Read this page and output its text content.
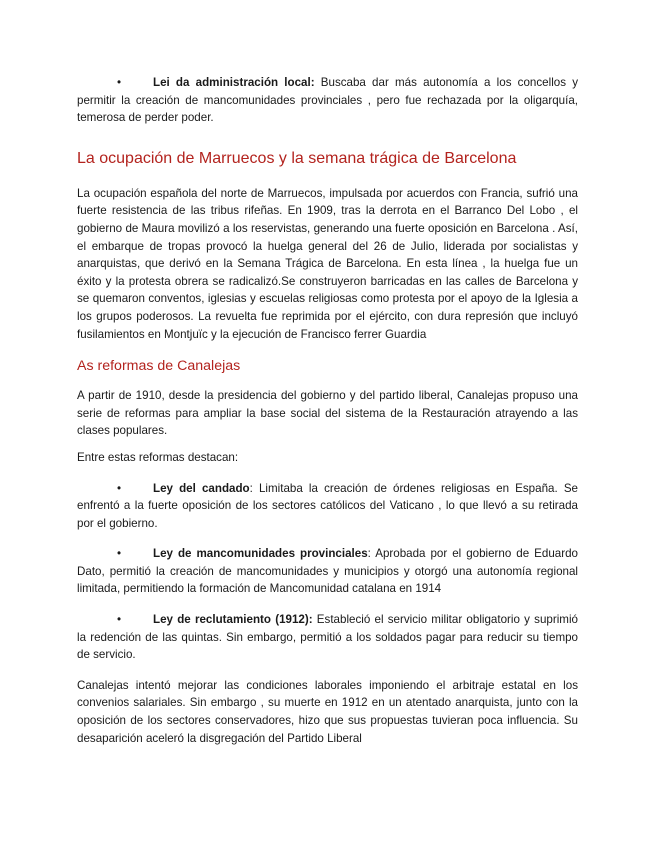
•	Lei da administración local: Buscaba dar más autonomía a los concellos y permitir la creación de mancomunidades provinciales , pero fue rechazada por la oligarquía, temerosa de perder poder.

La ocupación de Marruecos y la semana trágica de Barcelona

La ocupación española del norte de Marruecos, impulsada por acuerdos con Francia, sufrió una fuerte resistencia de las tribus rifeñas. En 1909, tras la derrota en el Barranco Del Lobo , el gobierno de Maura movilizó a los reservistas, generando una fuerte oposición en Barcelona . Así, el embarque de tropas provocó la huelga general del 26 de Julio, liderada por socialistas y anarquistas, que derivó en la Semana Trágica de Barcelona. En esta línea , la huelga fue un éxito y la protesta obrera se radicalizó.Se construyeron barricadas en las calles de Barcelona y se quemaron conventos, iglesias y escuelas religiosas como protesta por el apoyo de la Iglesia a los grupos poderosos. La revuelta fue reprimida por el ejército, con dura represión que incluyó fusilamientos en Montjuïc y la ejecución de Francisco ferrer Guardia

As reformas de Canalejas

A partir de 1910, desde la presidencia del gobierno y del partido liberal, Canalejas propuso una serie de reformas para ampliar la base social del sistema de la Restauración atrayendo a las clases populares.

Entre estas reformas destacan:

•	Ley del candado: Limitaba la creación de órdenes religiosas en España. Se enfrentó a la fuerte oposición de los sectores católicos del Vaticano , lo que llevó a su retirada por el gobierno.

•	Ley de mancomunidades provinciales: Aprobada por el gobierno de Eduardo Dato, permitió la creación de mancomunidades y municipios y otorgó una autonomía regional limitada, permitiendo la formación de Mancomunidad catalana en 1914

•	Ley de reclutamiento (1912): Estableció el servicio militar obligatorio y suprimió la redención de las quintas. Sin embargo, permitió a los soldados pagar para reducir su tiempo de servicio.

Canalejas intentó mejorar las condiciones laborales imponiendo el arbitraje estatal en los convenios salariales. Sin embargo , su muerte en 1912 en un atentado anarquista, junto con la oposición de los sectores conservadores, hizo que sus propuestas tuvieran poca influencia. Su desaparición aceleró la disgregación del Partido Liberal
